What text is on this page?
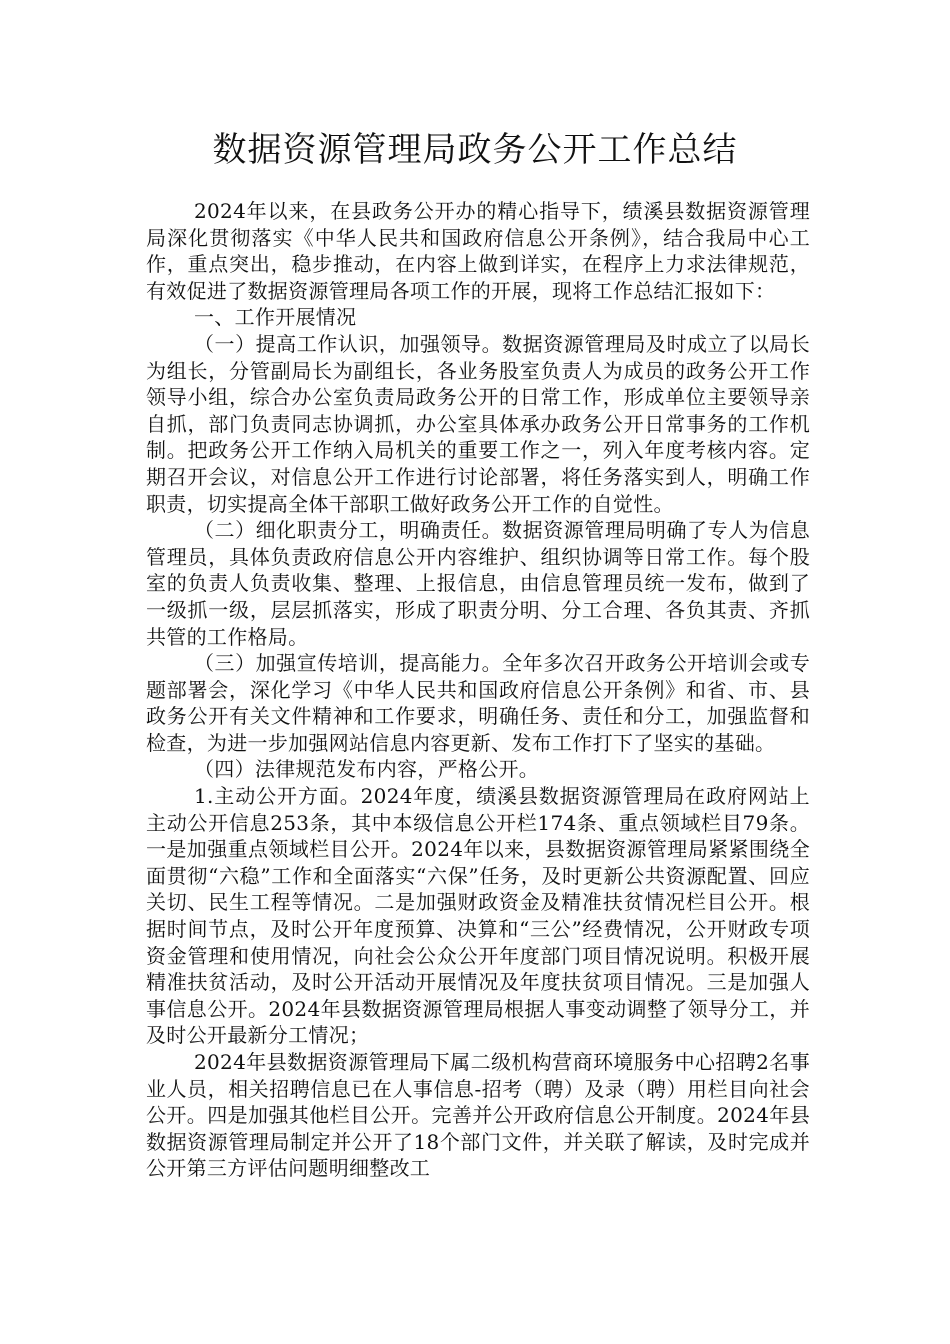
数据资源管理局政务公开工作总结

2024年以来，在县政务公开办的精心指导下，绩溪县数据资源管理局深化贯彻落实《中华人民共和国政府信息公开条例》，结合我局中心工作，重点突出，稳步推动，在内容上做到详实，在程序上力求法律规范，有效促进了数据资源管理局各项工作的开展，现将工作总结汇报如下：

一、工作开展情况

（一）提高工作认识，加强领导。数据资源管理局及时成立了以局长为组长，分管副局长为副组长，各业务股室负责人为成员的政务公开工作领导小组，综合办公室负责局政务公开的日常工作，形成单位主要领导亲自抓，部门负责同志协调抓，办公室具体承办政务公开日常事务的工作机制。把政务公开工作纳入局机关的重要工作之一，列入年度考核内容。定期召开会议，对信息公开工作进行讨论部署，将任务落实到人，明确工作职责，切实提高全体干部职工做好政务公开工作的自觉性。

（二）细化职责分工，明确责任。数据资源管理局明确了专人为信息管理员，具体负责政府信息公开内容维护、组织协调等日常工作。每个股室的负责人负责收集、整理、上报信息，由信息管理员统一发布，做到了一级抓一级，层层抓落实，形成了职责分明、分工合理、各负其责、齐抓共管的工作格局。

（三）加强宣传培训，提高能力。全年多次召开政务公开培训会或专题部署会，深化学习《中华人民共和国政府信息公开条例》和省、市、县政务公开有关文件精神和工作要求，明确任务、责任和分工，加强监督和检查，为进一步加强网站信息内容更新、发布工作打下了坚实的基础。

（四）法律规范发布内容，严格公开。

1.主动公开方面。2024年度，绩溪县数据资源管理局在政府网站上主动公开信息253条，其中本级信息公开栏174条、重点领域栏目79条。一是加强重点领域栏目公开。2024年以来，县数据资源管理局紧紧围绕全面贯彻“六稳”工作和全面落实“六保”任务，及时更新公共资源配置、回应关切、民生工程等情况。二是加强财政资金及精准扶贫情况栏目公开。根据时间节点，及时公开年度预算、决算和“三公”经费情况，公开财政专项资金管理和使用情况，向社会公众公开年度部门项目情况说明。积极开展精准扶贫活动，及时公开活动开展情况及年度扶贫项目情况。三是加强人事信息公开。2024年县数据资源管理局根据人事变动调整了领导分工，并及时公开最新分工情况；

2024年县数据资源管理局下属二级机构营商环境服务中心招聘2名事业人员，相关招聘信息已在人事信息-招考（聘）及录（聘）用栏目向社会公开。四是加强其他栏目公开。完善并公开政府信息公开制度。2024年县数据资源管理局制定并公开了18个部门文件，并关联了解读，及时完成并公开第三方评估问题明细整改工
